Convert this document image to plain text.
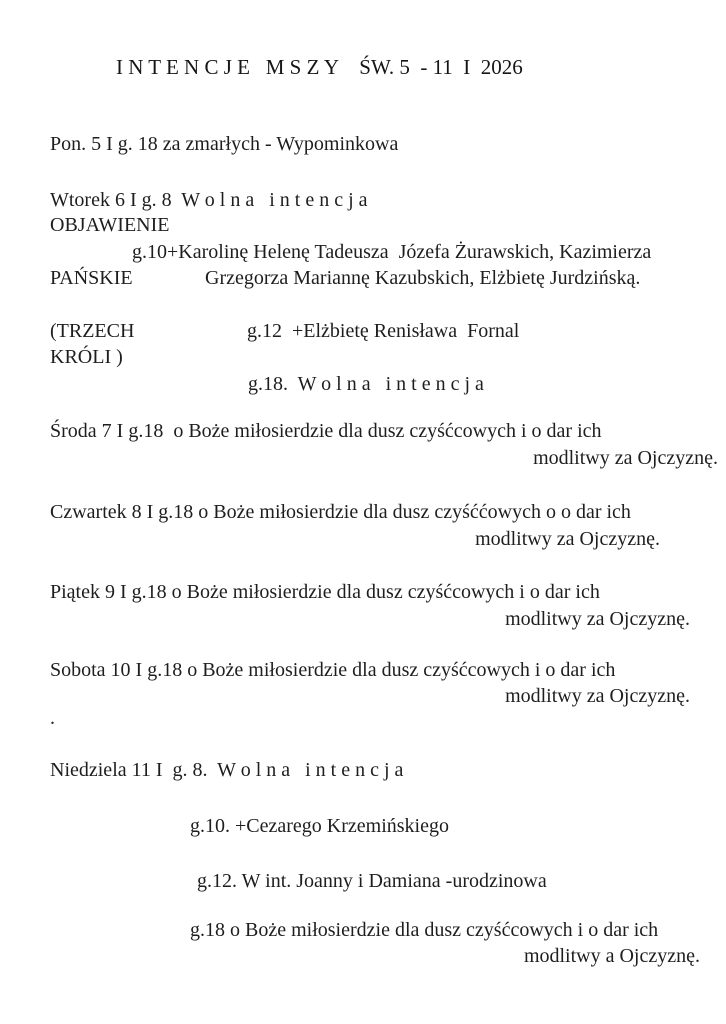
I N T E N C J E   M S Z Y    ŚW. 5  - 11  I  2026
Pon. 5 I g. 18 za zmarłych - Wypominkowa
Wtorek 6 I g. 8  W o l n a   i n t e n c j a
OBJAWIENIE
g.10+Karolinę Helenę Tadeusza  Józefa Żurawskich, Kazimierza
PAŃSKIE	Grzegorza Mariannę Kazubskich, Elżbietę Jurdzińską.
(TRZECH	g.12  +Elżbietę Renisława  Fornal
KRÓLI )
g.18.  W o l n a   i n t e n c j a
Środa 7 I g.18  o Boże miłosierdzie dla dusz czyśćcowych i o dar ich
modlitwy za Ojczyznę.
Czwartek 8 I g.18 o Boże miłosierdzie dla dusz czyśććowych o o dar ich
modlitwy za Ojczyznę.
Piątek 9 I g.18 o Boże miłosierdzie dla dusz czyśćcowych i o dar ich
modlitwy za Ojczyznę.
Sobota 10 I g.18 o Boże miłosierdzie dla dusz czyśćcowych i o dar ich
modlitwy za Ojczyznę.
.
Niedziela 11 I  g. 8.  W o l n a   i n t e n c j a
g.10. +Cezarego Krzemińskiego
g.12. W int. Joanny i Damiana -urodzinowa
g.18 o Boże miłosierdzie dla dusz czyśćcowych i o dar ich
modlitwy a Ojczyznę.
